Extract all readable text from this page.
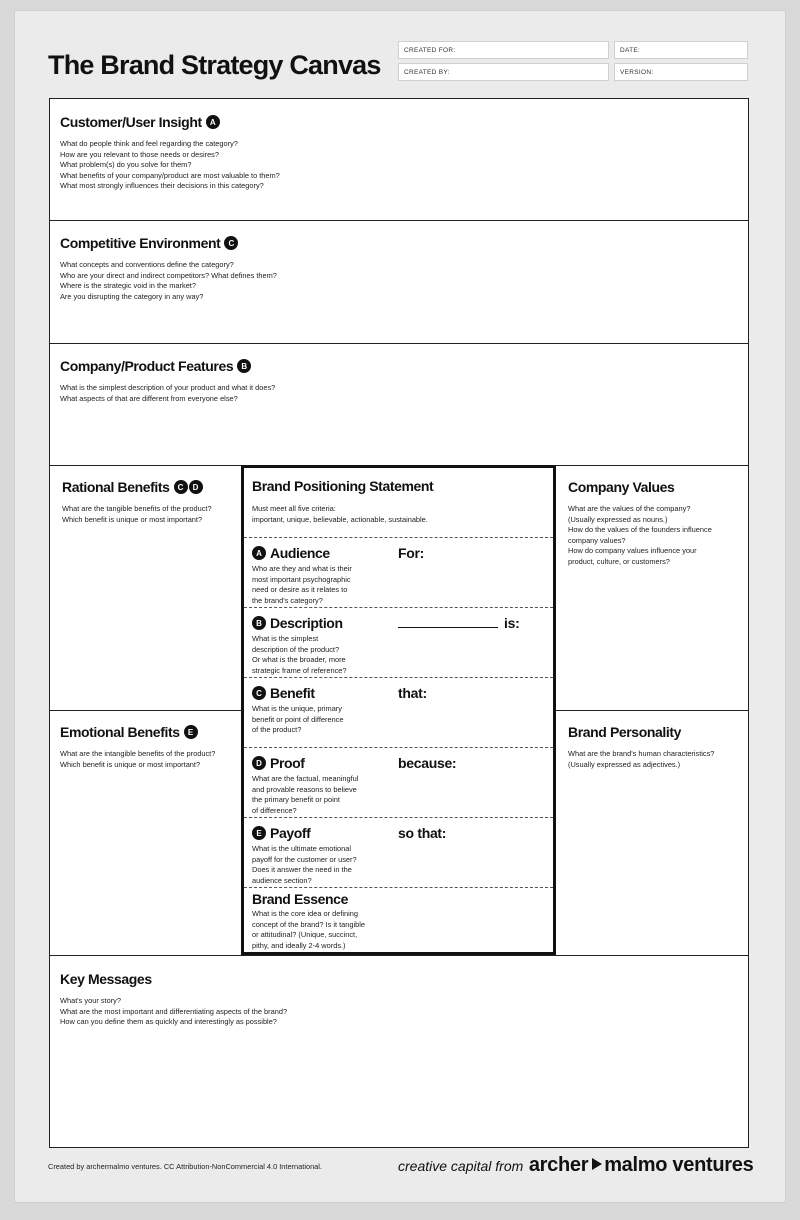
The Brand Strategy Canvas	CREATED FOR:	DATE:
CREATED BY:	VERSION:
Customer/User Insight	A

What do people think and feel regarding the category?

How are you relevant to those needs or desires?

What problem(s) do you solve for them?

What benefits of your company/product are most valuable to them?

What most strongly influences their decisions in this category?

Competitive Environment	C

What concepts and conventions define the category?

Who are your direct and indirect competitors? What defines them?

Where is the strategic void in the market?

Are you disrupting the category in any way?

Company/Product Features	B

What is the simplest description of your product and what it does?

What aspects of that are different from everyone else?

Rational Benefits	C	D

What are the tangible benefits of the product?

Which benefit is unique or most important?

Emotional Benefits	E

What are the intangible benefits of the product?

Which benefit is unique or most important?

Company Values

What are the values of the company?

(Usually expressed as nouns.)

How do the values of the founders influence

company values?

How do company values influence your

product, culture, or customers?

Brand Personality

What are the brand's human characteristics?

(Usually expressed as adjectives.)

Brand Positioning Statement

Must meet all five criteria:

important, unique, believable, actionable, sustainable.

A Audience	For:

Who are they and what is their

most important psychographic

need or desire as it relates to

the brand's category?

B Description	is:

What is the simplest

description of the product?

Or what is the broader, more

strategic frame of reference?

C Benefit	that:

What is the unique, primary

benefit or point of difference

of the product?

D Proof	because:

What are the factual, meaningful

and provable reasons to believe

the primary benefit or point

of difference?

E Payoff	so that:

What is the ultimate emotional

payoff for the customer or user?

Does it answer the need in the

audience section?

Brand Essence

What is the core idea or defining

concept of the brand? Is it tangible

or attitudinal? (Unique, succinct,

pithy, and ideally 2-4 words.)

Key Messages

What's your story?

What are the most important and differentiating aspects of the brand?

How can you define them as quickly and interestingly as possible?

Created by archermalmo ventures. CC Attribution-NonCommercial 4.0 International.	creative capital from archer malmo ventures
